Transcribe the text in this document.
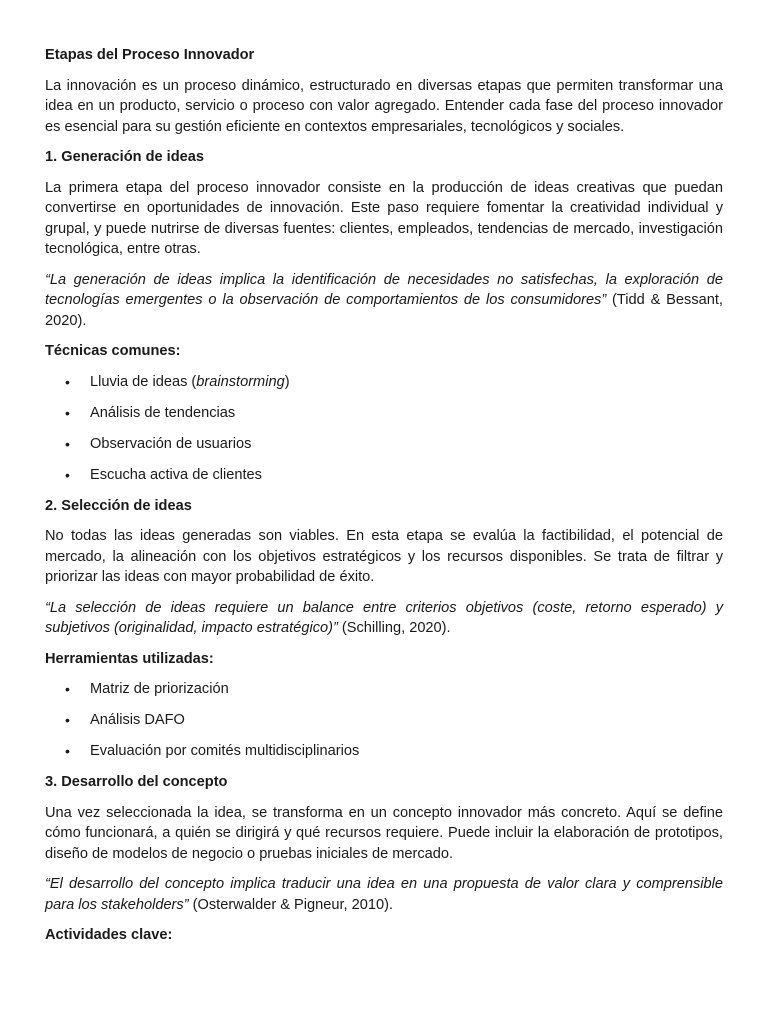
Etapas del Proceso Innovador

La innovación es un proceso dinámico, estructurado en diversas etapas que permiten transformar una idea en un producto, servicio o proceso con valor agregado. Entender cada fase del proceso innovador es esencial para su gestión eficiente en contextos empresariales, tecnológicos y sociales.

1. Generación de ideas

La primera etapa del proceso innovador consiste en la producción de ideas creativas que puedan convertirse en oportunidades de innovación. Este paso requiere fomentar la creatividad individual y grupal, y puede nutrirse de diversas fuentes: clientes, empleados, tendencias de mercado, investigación tecnológica, entre otras.

“La generación de ideas implica la identificación de necesidades no satisfechas, la exploración de tecnologías emergentes o la observación de comportamientos de los consumidores” (Tidd & Bessant, 2020).

Técnicas comunes:
• Lluvia de ideas (brainstorming)
• Análisis de tendencias
• Observación de usuarios
• Escucha activa de clientes
2. Selección de ideas

No todas las ideas generadas son viables. En esta etapa se evalúa la factibilidad, el potencial de mercado, la alineación con los objetivos estratégicos y los recursos disponibles. Se trata de filtrar y priorizar las ideas con mayor probabilidad de éxito.

“La selección de ideas requiere un balance entre criterios objetivos (coste, retorno esperado) y subjetivos (originalidad, impacto estratégico)” (Schilling, 2020).

Herramientas utilizadas:
• Matriz de priorización
• Análisis DAFO
• Evaluación por comités multidisciplinarios
3. Desarrollo del concepto

Una vez seleccionada la idea, se transforma en un concepto innovador más concreto. Aquí se define cómo funcionará, a quién se dirigirá y qué recursos requiere. Puede incluir la elaboración de prototipos, diseño de modelos de negocio o pruebas iniciales de mercado.

“El desarrollo del concepto implica traducir una idea en una propuesta de valor clara y comprensible para los stakeholders” (Osterwalder & Pigneur, 2010).

Actividades clave:
